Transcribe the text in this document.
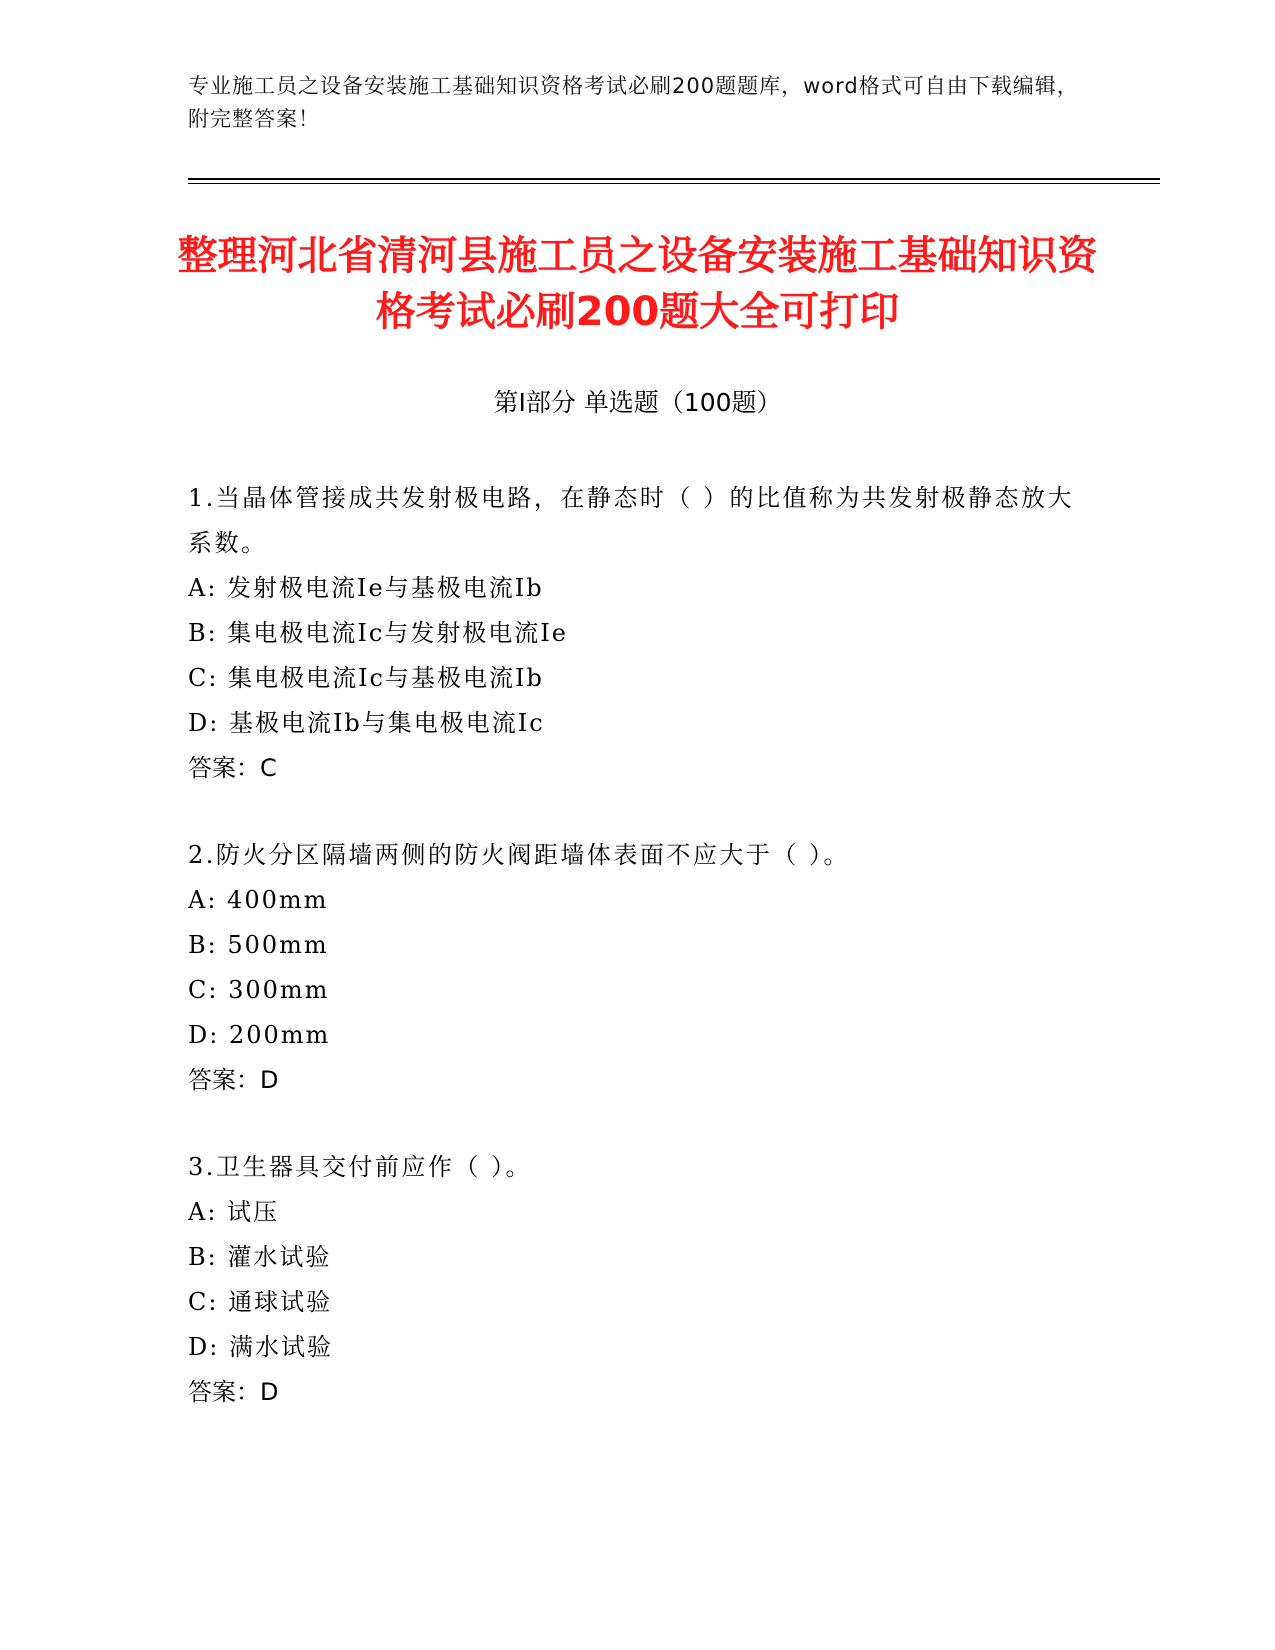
专业施工员之设备安装施工基础知识资格考试必刷200题题库，word格式可自由下载编辑，附完整答案！
整理河北省清河县施工员之设备安装施工基础知识资格考试必刷200题大全可打印
第Ⅰ部分 单选题（100题）

1.当晶体管接成共发射极电路，在静态时（ ）的比值称为共发射极静态放大系数。

A: 发射极电流Ie与基极电流Ib

B: 集电极电流Ic与发射极电流Ie

C: 集电极电流Ic与基极电流Ib

D: 基极电流Ib与集电极电流Ic

答案：C

2.防火分区隔墙两侧的防火阀距墙体表面不应大于（ ）。

A: 400mm

B: 500mm

C: 300mm

D: 200mm

答案：D

3.卫生器具交付前应作（ ）。

A: 试压

B: 灌水试验

C: 通球试验

D: 满水试验

答案：D
